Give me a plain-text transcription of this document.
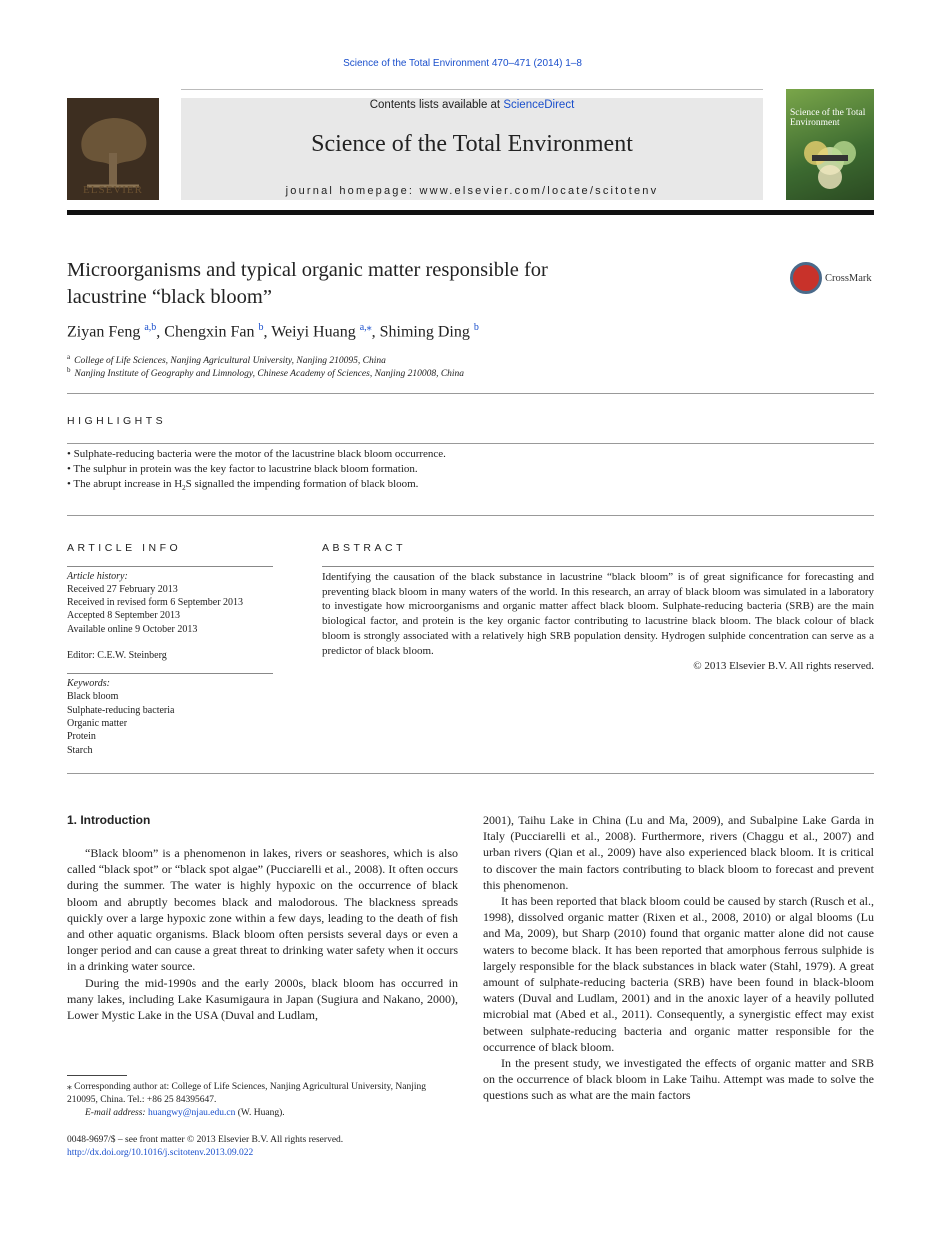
Science of the Total Environment 470–471 (2014) 1–8
ELSEVIER
Contents lists available at ScienceDirect
Science of the Total Environment
journal homepage: www.elsevier.com/locate/scitotenv
Science of the Total Environment
Microorganisms and typical organic matter responsible for
lacustrine “black bloom”
CrossMark
Ziyan Feng $^{a,b}$, Chengxin Fan $^b$, Weiyi Huang $^{a,⁎}$, Shiming Ding $^b$
$^a$ College of Life Sciences, Nanjing Agricultural University, Nanjing 210095, China
$^b$ Nanjing Institute of Geography and Limnology, Chinese Academy of Sciences, Nanjing 210008, China
HIGHLIGHTS
• Sulphate-reducing bacteria were the motor of the lacustrine black bloom occurrence.
• The sulphur in protein was the key factor to lacustrine black bloom formation.
• The abrupt increase in $H_2S$ signalled the impending formation of black bloom.
ARTICLE INFO
Article history:
Received 27 February 2013
Received in revised form 6 September 2013
Accepted 8 September 2013
Available online 9 October 2013
Editor: C.E.W. Steinberg
Keywords:
Black bloom
Sulphate-reducing bacteria
Organic matter
Protein
Starch
ABSTRACT
Identifying the causation of the black substance in lacustrine “black bloom” is of great significance for forecasting and preventing black bloom in many waters of the world. In this research, an array of black bloom was simulated in a laboratory to investigate how microorganisms and organic matter affect black bloom. Sulphate-reducing bacteria (SRB) are the main biological factor, and protein is the key organic factor contributing to lacustrine black bloom. The black colour of black bloom is strongly associated with a relatively high SRB population density. Hydrogen sulphide concentration can serve as a predictor of black bloom.
© 2013 Elsevier B.V. All rights reserved.
1. Introduction

“Black bloom” is a phenomenon in lakes, rivers or seashores, which is also called “black spot” or “black spot algae” (Pucciarelli et al., 2008). It often occurs during the summer. The water is highly hypoxic on the occurrence of black bloom and abruptly becomes black and malodorous. The blackness spreads quickly over a large hypoxic zone within a few days, leading to the death of fish and other aquatic organisms. Black bloom often persists several days or even a longer period and can cause a great threat to drinking water safety when it occurs in a drinking water source.

During the mid-1990s and the early 2000s, black bloom has occurred in many lakes, including Lake Kasumigaura in Japan (Sugiura and Nakano, 2000), Lower Mystic Lake in the USA (Duval and Ludlam,

2001), Taihu Lake in China (Lu and Ma, 2009), and Subalpine Lake Garda in Italy (Pucciarelli et al., 2008). Furthermore, rivers (Chaggu et al., 2007) and urban rivers (Qian et al., 2009) have also experienced black bloom. It is critical to discover the main factors contributing to black bloom to forecast and prevent this phenomenon.

It has been reported that black bloom could be caused by starch (Rusch et al., 1998), dissolved organic matter (Rixen et al., 2008, 2010) or algal blooms (Lu and Ma, 2009), but Sharp (2010) found that organic matter alone did not cause waters to become black. It has been reported that amorphous ferrous sulphide is largely responsible for the black substances in black water (Stahl, 1979). A great amount of sulphate-reducing bacteria (SRB) have been found in black-bloom waters (Duval and Ludlam, 2001) and in the anoxic layer of a heavily polluted microbial mat (Abed et al., 2011). Consequently, a synergistic effect may exist between sulphate-reducing bacteria and organic matter responsible for the occurrence of black bloom.

In the present study, we investigated the effects of organic matter and SRB on the occurrence of black bloom in Lake Taihu. Attempt was made to solve the questions such as what are the main factors

⁎ Corresponding author at: College of Life Sciences, Nanjing Agricultural University, Nanjing 210095, China. Tel.: +86 25 84395647.
E-mail address: huangwy@njau.edu.cn (W. Huang).
0048-9697/$ – see front matter © 2013 Elsevier B.V. All rights reserved.
http://dx.doi.org/10.1016/j.scitotenv.2013.09.022
